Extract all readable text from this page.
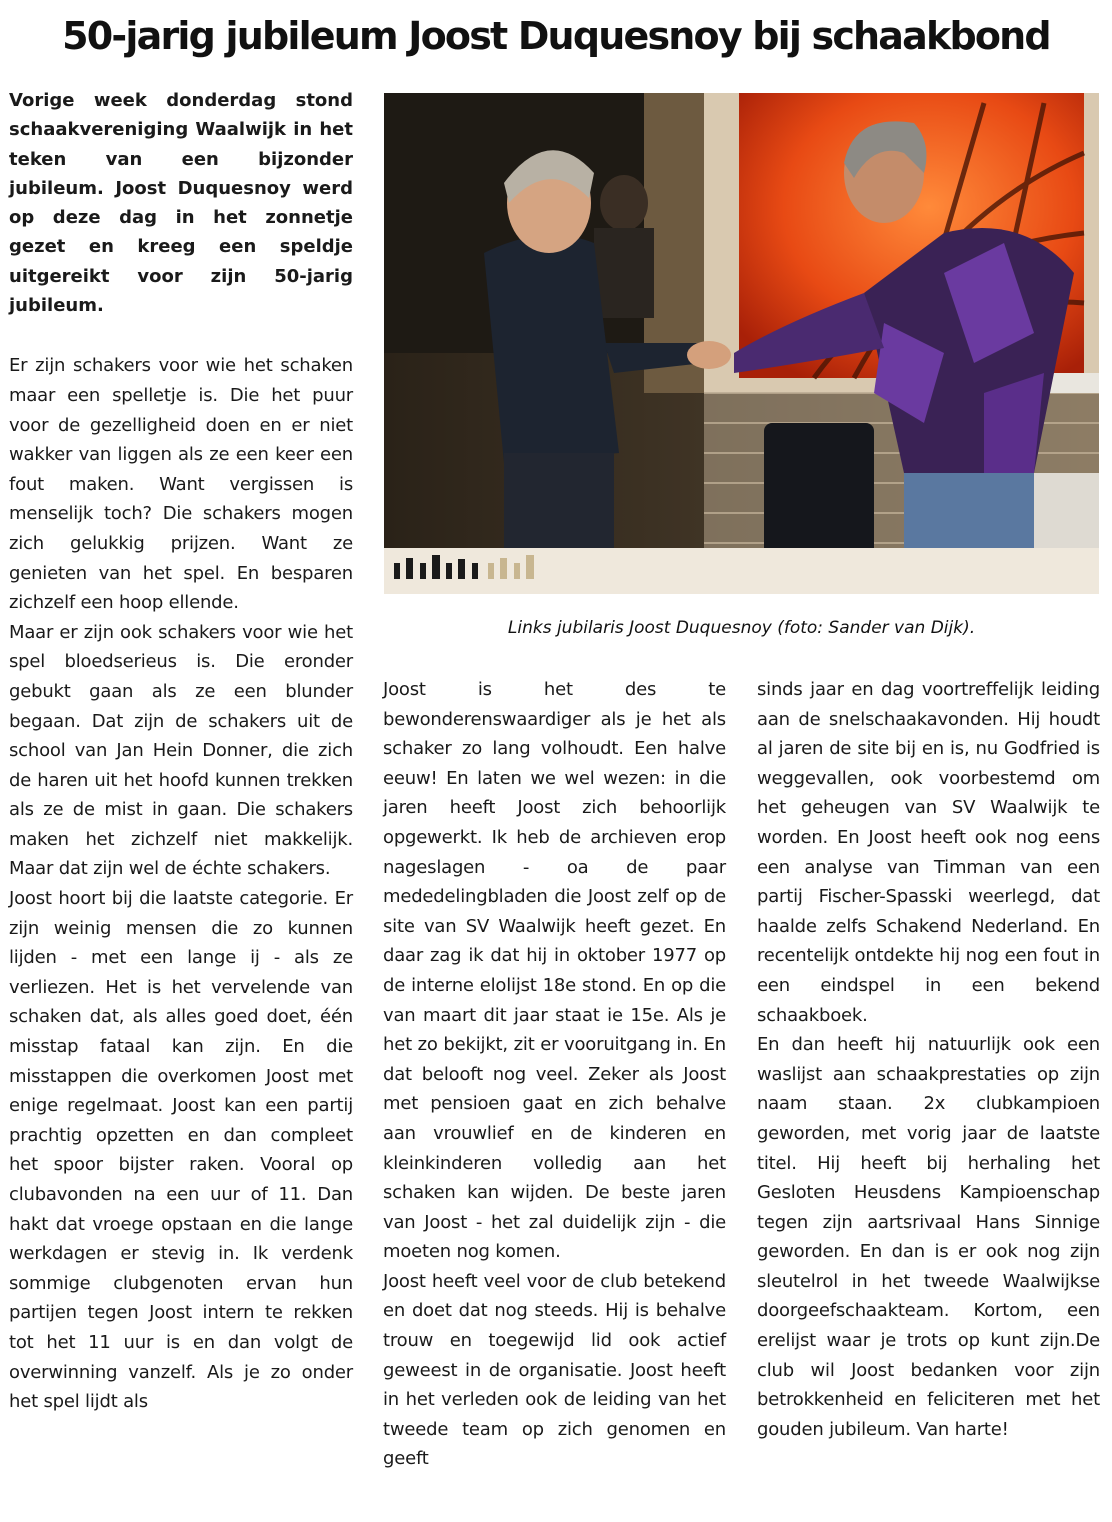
50-jarig jubileum Joost Duquesnoy bij schaakbond

Vorige week donderdag stond schaakvereniging Waalwijk in het teken van een bijzonder jubileum. Joost Duquesnoy werd op deze dag in het zonnetje gezet en kreeg een speldje uitgereikt voor zijn 50-jarig jubileum.

Er zijn schakers voor wie het schaken maar een spelletje is. Die het puur voor de gezelligheid doen en er niet wakker van liggen als ze een keer een fout maken. Want vergissen is menselijk toch? Die schakers mogen zich gelukkig prijzen. Want ze genieten van het spel. En besparen zichzelf een hoop ellende.

Maar er zijn ook schakers voor wie het spel bloedserieus is. Die eronder gebukt gaan als ze een blunder begaan. Dat zijn de schakers uit de school van Jan Hein Donner, die zich de haren uit het hoofd kunnen trekken als ze de mist in gaan. Die schakers maken het zichzelf niet makkelijk. Maar dat zijn wel de échte schakers.

Joost hoort bij die laatste categorie. Er zijn weinig mensen die zo kunnen lijden - met een lange ij - als ze verliezen. Het is het vervelende van schaken dat, als alles goed doet, één misstap fataal kan zijn. En die misstappen die overkomen Joost met enige regelmaat. Joost kan een partij prachtig opzetten en dan compleet het spoor bijster raken. Vooral op clubavonden na een uur of 11. Dan hakt dat vroege opstaan en die lange werkdagen er stevig in. Ik verdenk sommige clubgenoten ervan hun partijen tegen Joost intern te rekken tot het 11 uur is en dan volgt de overwinning vanzelf. Als je zo onder het spel lijdt als

Links jubilaris Joost Duquesnoy (foto: Sander van Dijk).

Joost is het des te bewonderenswaardiger als je het als schaker zo lang volhoudt. Een halve eeuw! En laten we wel wezen: in die jaren heeft Joost zich behoorlijk opgewerkt. Ik heb de archieven erop nageslagen - oa de paar mededelingbladen die Joost zelf op de site van SV Waalwijk heeft gezet. En daar zag ik dat hij in oktober 1977 op de interne elolijst 18e stond. En op die van maart dit jaar staat ie 15e. Als je het zo bekijkt, zit er vooruitgang in. En dat belooft nog veel. Zeker als Joost met pensioen gaat en zich behalve aan vrouwlief en de kinderen en kleinkinderen volledig aan het schaken kan wijden. De beste jaren van Joost - het zal duidelijk zijn - die moeten nog komen.

Joost heeft veel voor de club betekend en doet dat nog steeds. Hij is behalve trouw en toegewijd lid ook actief geweest in de organisatie. Joost heeft in het verleden ook de leiding van het tweede team op zich genomen en geeft

sinds jaar en dag voortreffelijk leiding aan de snelschaakavonden. Hij houdt al jaren de site bij en is, nu Godfried is weggevallen, ook voorbestemd om het geheugen van SV Waalwijk te worden. En Joost heeft ook nog eens een analyse van Timman van een partij Fischer-Spasski weerlegd, dat haalde zelfs Schakend Nederland. En recentelijk ontdekte hij nog een fout in een eindspel in een bekend schaakboek.

En dan heeft hij natuurlijk ook een waslijst aan schaakprestaties op zijn naam staan. 2x clubkampioen geworden, met vorig jaar de laatste titel. Hij heeft bij herhaling het Gesloten Heusdens Kampioenschap tegen zijn aartsrivaal Hans Sinnige geworden. En dan is er ook nog zijn sleutelrol in het tweede Waalwijkse doorgeefschaakteam. Kortom, een erelijst waar je trots op kunt zijn.De club wil Joost bedanken voor zijn betrokkenheid en feliciteren met het gouden jubileum. Van harte!
